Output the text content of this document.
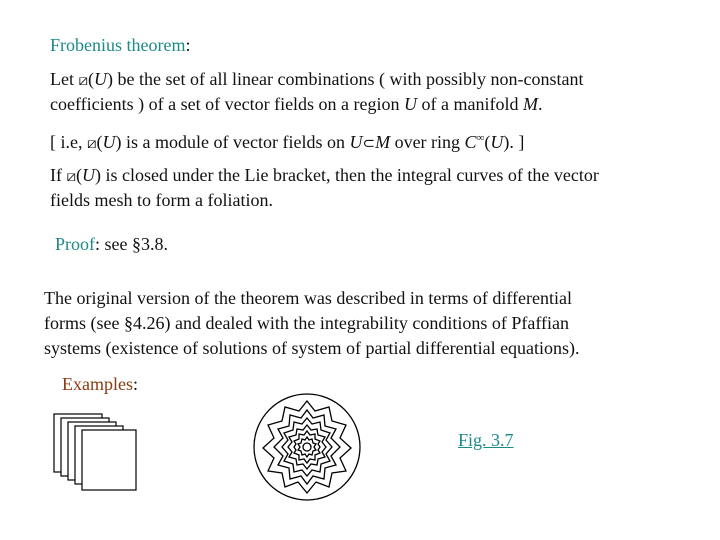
Frobenius theorem:
Let ⧄(U) be the set of all linear combinations ( with possibly non-constant
coefficients ) of a set of vector fields on a region U of a manifold M.
[ i.e, ⧄(U) is a module of vector fields on U⊂M over ring C∞(U). ]
If ⧄(U) is closed under the Lie bracket, then the integral curves of the vector
fields mesh to form a foliation.
Proof: see §3.8.
The original version of the theorem was described in terms of differential
forms (see §4.26) and dealed with the integrability conditions of Pfaffian
systems (existence of solutions of system of partial differential equations).
Examples:
Fig. 3.7
